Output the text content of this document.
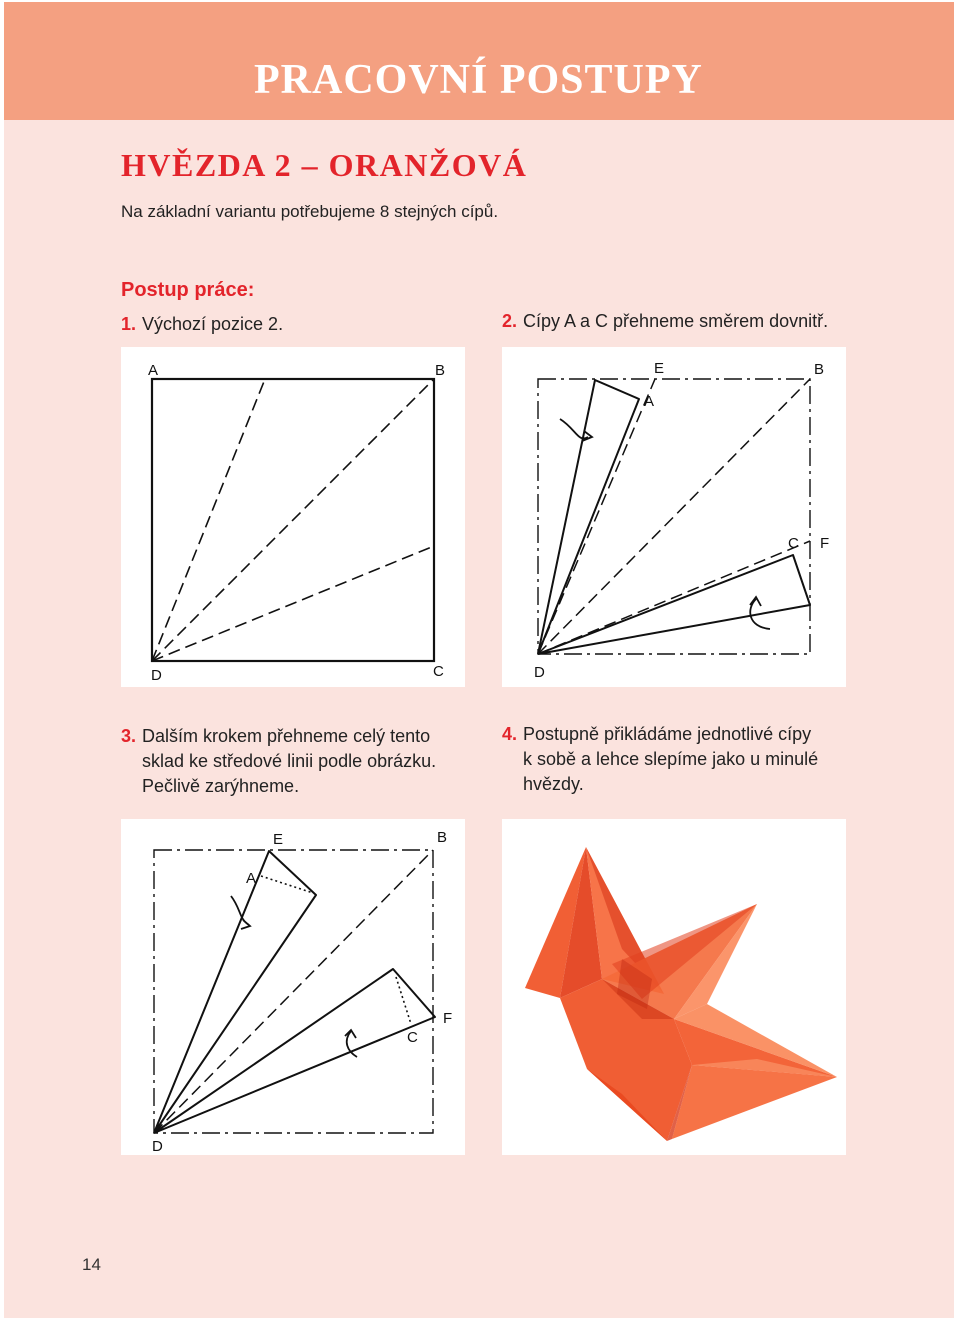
PRACOVNÍ POSTUPY
HVĚZDA 2 – ORANŽOVÁ
Na základní variantu potřebujeme 8 stejných cípů.
Postup práce:
1. Výchozí pozice 2.	2. Cípy A a C přehneme směrem dovnitř.
A	B
D	C
E	B
A
C F
D
3. Dalším krokem přehneme celý tento
sklad ke středové linii podle obrázku.
Pečlivě zarýhneme.
4. Postupně přikládáme jednotlivé cípy
k sobě a lehce slepíme jako u minulé
hvězdy.
E	B
A
C
F
D
14
